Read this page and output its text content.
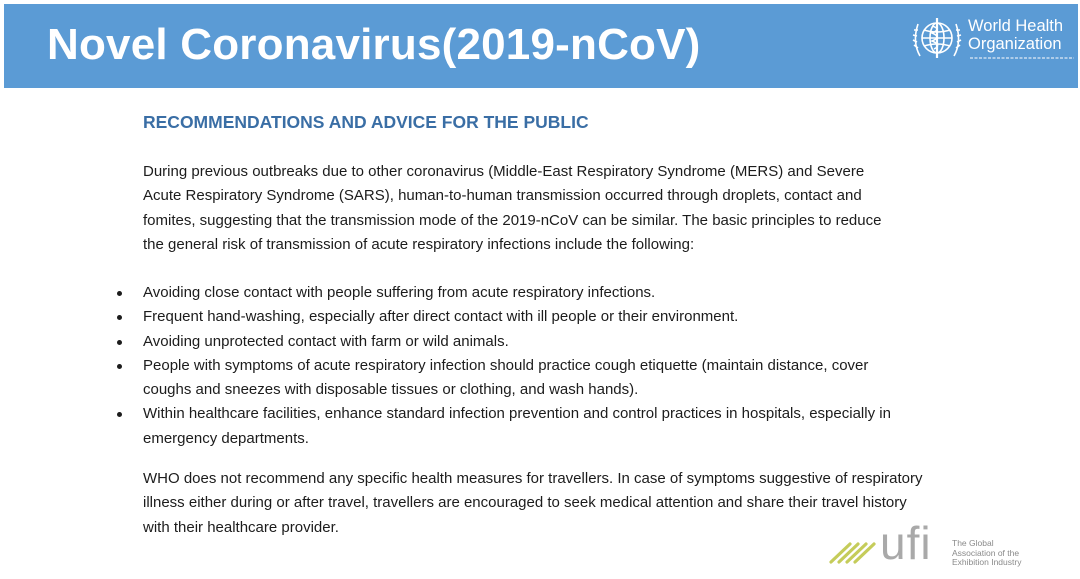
Novel Coronavirus(2019-nCoV)	World Health
Organization
RECOMMENDATIONS AND ADVICE FOR THE PUBLIC

During previous outbreaks due to other coronavirus (Middle-East Respiratory Syndrome (MERS) and Severe
Acute Respiratory Syndrome (SARS), human-to-human transmission occurred through droplets, contact and
fomites, suggesting that the transmission mode of the 2019-nCoV can be similar. The basic principles to reduce
the general risk of transmission of acute respiratory infections include the following:

Avoiding close contact with people suffering from acute respiratory infections.
Frequent hand-washing, especially after direct contact with ill people or their environment.
Avoiding unprotected contact with farm or wild animals.
People with symptoms of acute respiratory infection should practice cough etiquette (maintain distance, cover
coughs and sneezes with disposable tissues or clothing, and wash hands).
Within healthcare facilities, enhance standard infection prevention and control practices in hospitals, especially in
emergency departments.

WHO does not recommend any specific health measures for travellers. In case of symptoms suggestive of respiratory
illness either during or after travel, travellers are encouraged to seek medical attention and share their travel history
with their healthcare provider.	ufi The Global
Association of the
Exhibition Industry
